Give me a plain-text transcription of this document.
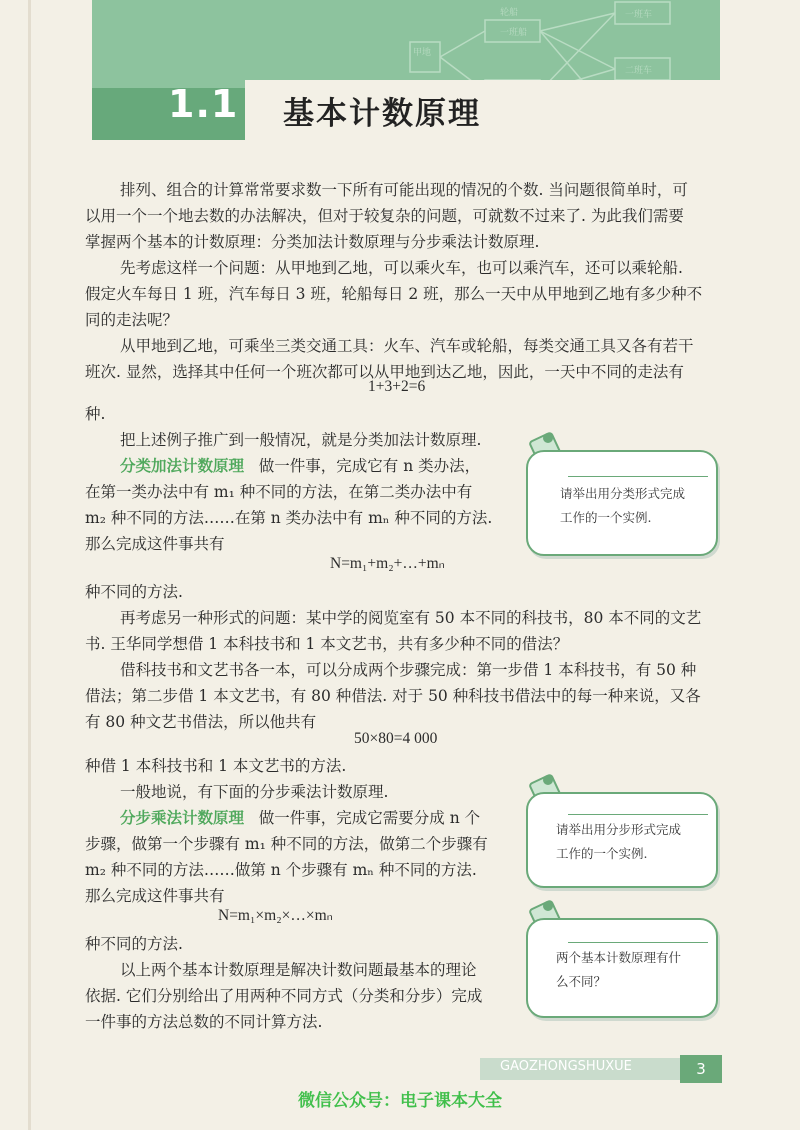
甲地
一班船
轮船	一班车
二班车
1.1 基本计数原理
排列、组合的计算常常要求数一下所有可能出现的情况的个数. 当问题很简单时，可
以用一个一个地去数的办法解决，但对于较复杂的问题，可就数不过来了. 为此我们需要
掌握两个基本的计数原理：分类加法计数原理与分步乘法计数原理.
先考虑这样一个问题：从甲地到乙地，可以乘火车，也可以乘汽车，还可以乘轮船.
假定火车每日 1 班，汽车每日 3 班，轮船每日 2 班，那么一天中从甲地到乙地有多少种不
同的走法呢？
从甲地到乙地，可乘坐三类交通工具：火车、汽车或轮船，每类交通工具又各有若干
班次. 显然，选择其中任何一个班次都可以从甲地到达乙地，因此，一天中不同的走法有
1+3+2=6
种.
把上述例子推广到一般情况，就是分类加法计数原理.
分类加法计数原理 做一件事，完成它有 n 类办法，
在第一类办法中有 m₁ 种不同的方法，在第二类办法中有
m₂ 种不同的方法……在第 n 类办法中有 mₙ 种不同的方法.
那么完成这件事共有
N=m₁+m₂+…+mₙ
种不同的方法.
再考虑另一种形式的问题：某中学的阅览室有 50 本不同的科技书，80 本不同的文艺
书. 王华同学想借 1 本科技书和 1 本文艺书，共有多少种不同的借法？
借科技书和文艺书各一本，可以分成两个步骤完成：第一步借 1 本科技书，有 50 种
借法；第二步借 1 本文艺书，有 80 种借法. 对于 50 种科技书借法中的每一种来说，又各
有 80 种文艺书借法，所以他共有
50×80=4 000
种借 1 本科技书和 1 本文艺书的方法.
一般地说，有下面的分步乘法计数原理.
分步乘法计数原理 做一件事，完成它需要分成 n 个
步骤，做第一个步骤有 m₁ 种不同的方法，做第二个步骤有
m₂ 种不同的方法……做第 n 个步骤有 mₙ 种不同的方法.
那么完成这件事共有
N=m₁×m₂×…×mₙ
种不同的方法.
以上两个基本计数原理是解决计数问题最基本的理论
依据. 它们分别给出了用两种不同方式（分类和分步）完成
一件事的方法总数的不同计算方法.
请举出用分类形式完成
工作的一个实例.
请举出用分步形式完成
工作的一个实例.
两个基本计数原理有什
么不同？
GAOZHONGSHUXUE	3
微信公众号：电子课本大全
